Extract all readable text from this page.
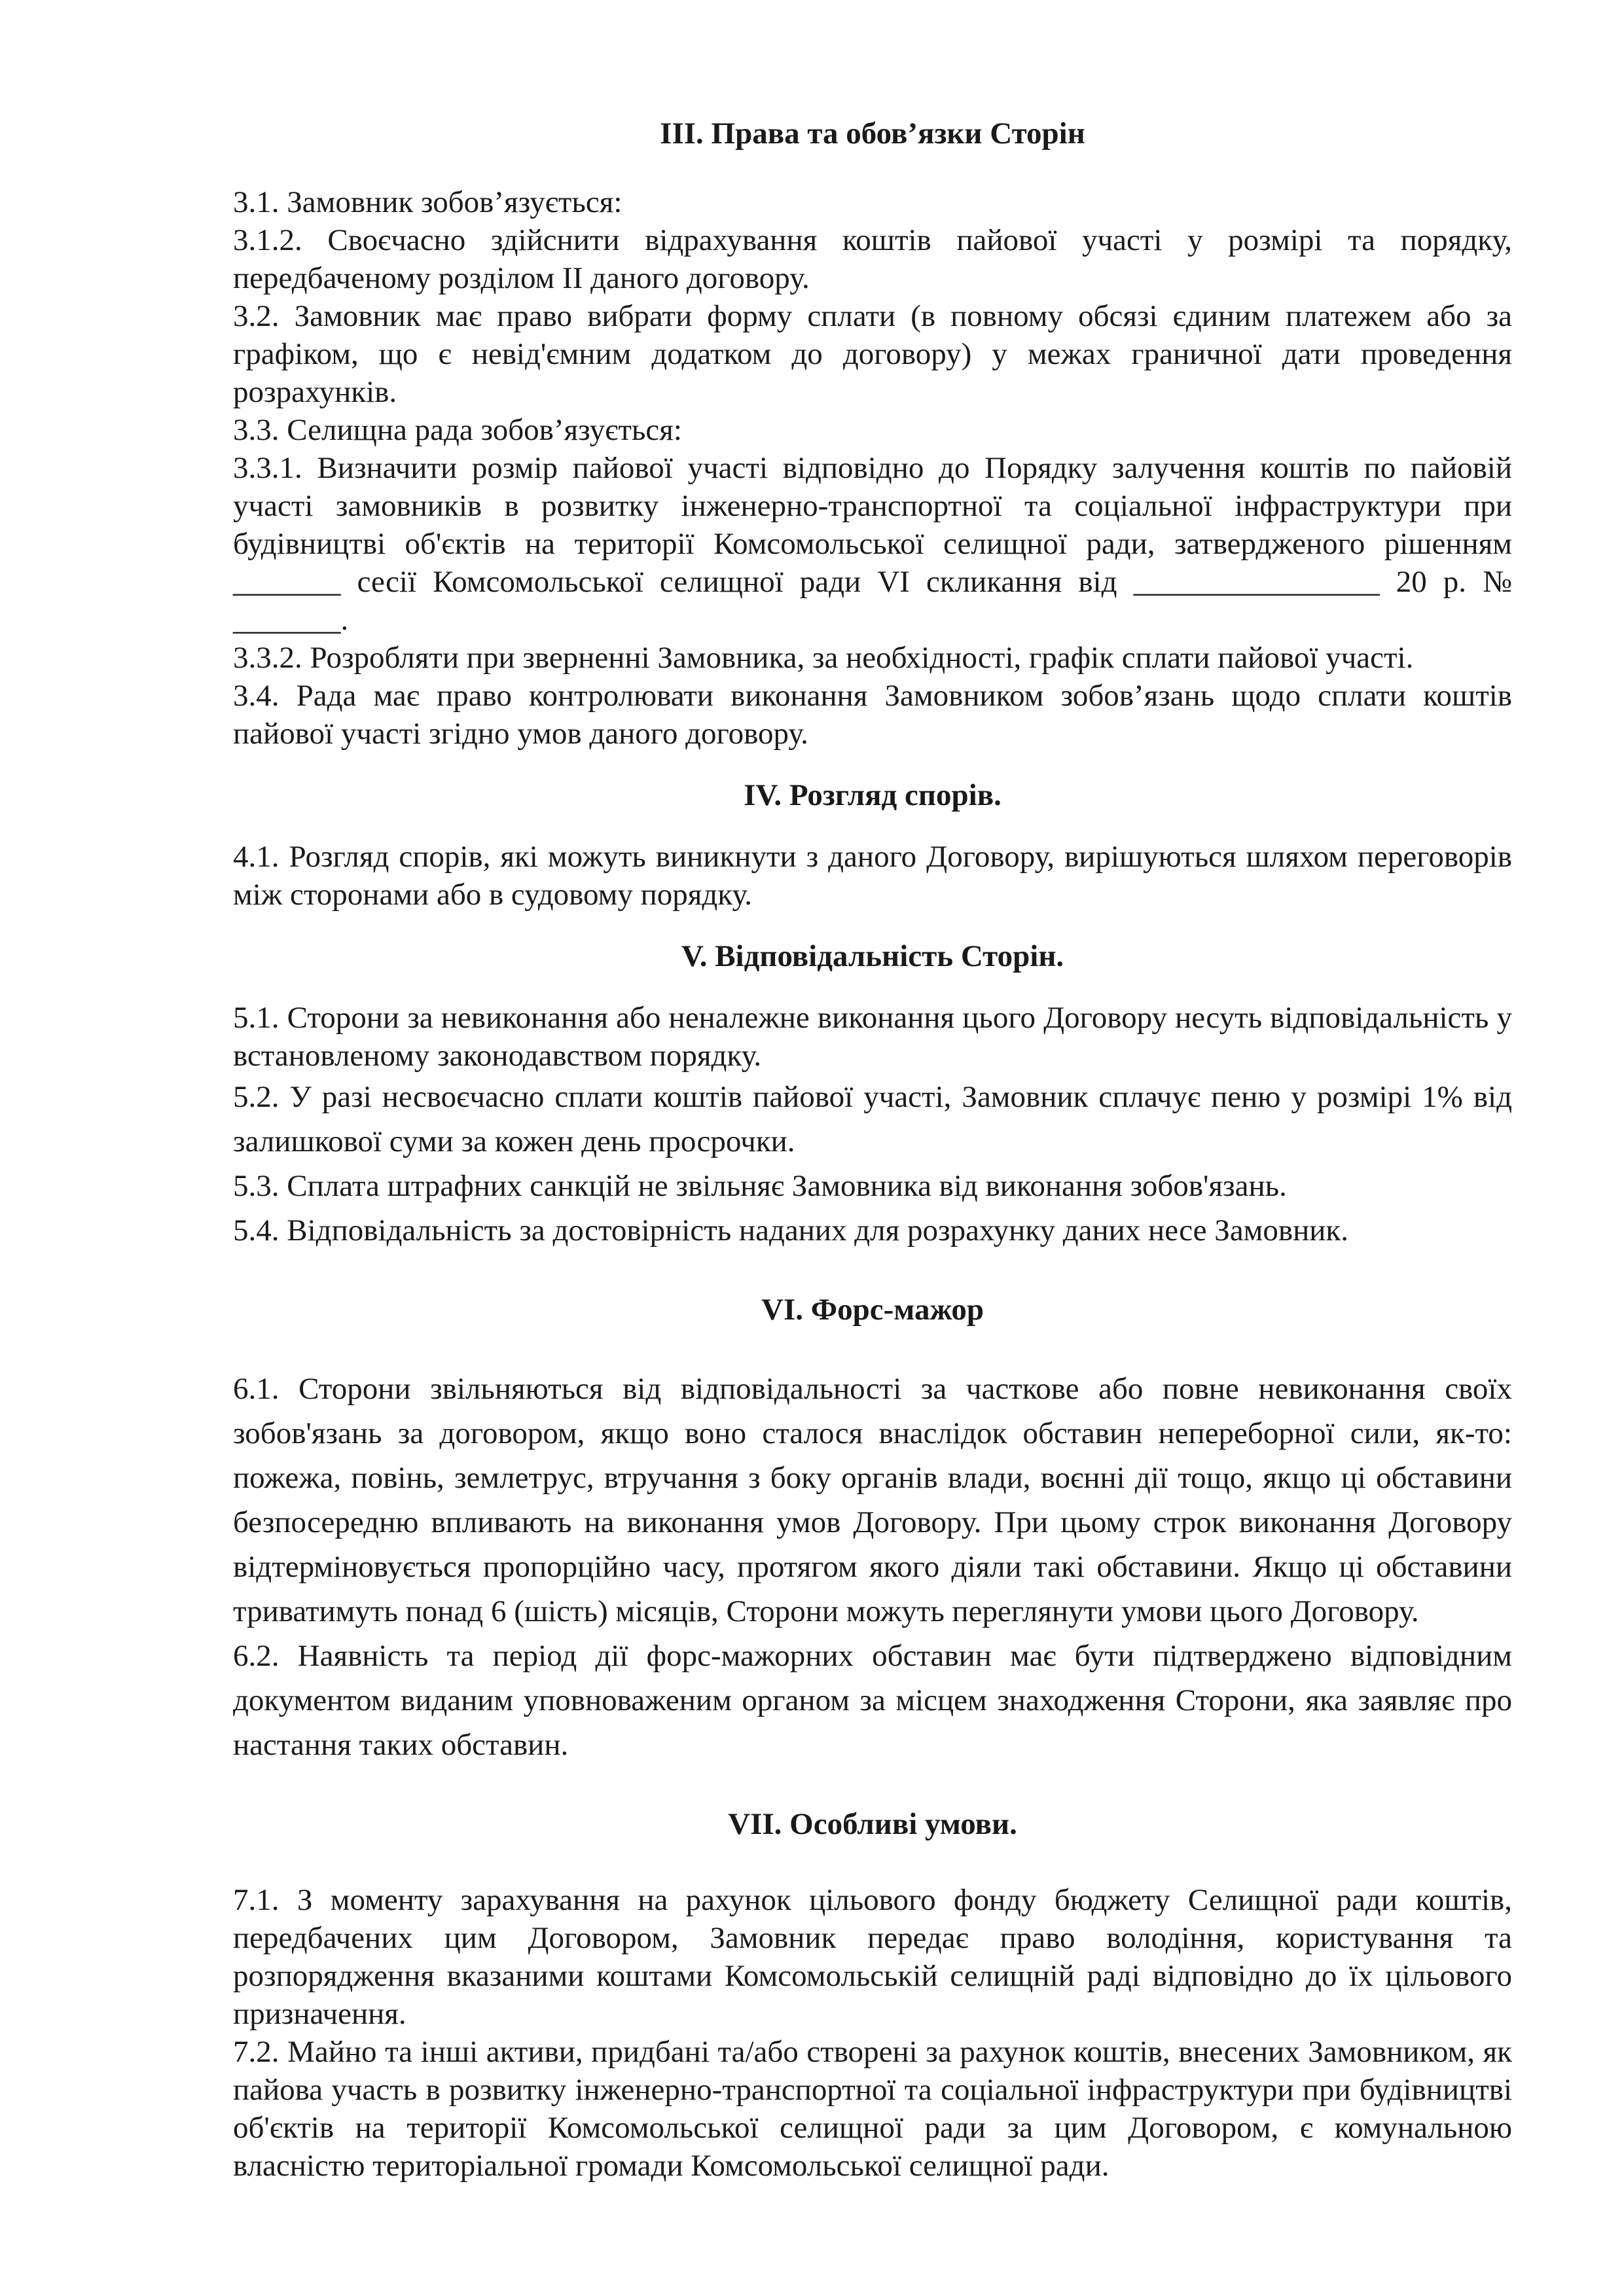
ІІІ. Права та обов’язки Сторін

3.1. Замовник зобов’язується:

3.1.2. Своєчасно здійснити відрахування коштів пайової участі у розмірі та порядку, передбаченому розділом ІІ даного договору.

3.2. Замовник має право вибрати форму сплати (в повному обсязі єдиним платежем або за графіком, що є невід'ємним додатком до договору) у межах граничної дати проведення розрахунків.

3.3. Селищна рада зобов’язується:

3.3.1. Визначити розмір пайової участі відповідно до Порядку залучення коштів по пайовій участі замовників в розвитку інженерно-транспортної та соціальної інфраструктури при будівництві об'єктів на території Комсомольської селищної ради, затвердженого рішенням _______ сесії Комсомольської селищної ради VI скликання від ________________ 20 р. № _______.

3.3.2. Розробляти при зверненні Замовника, за необхідності, графік сплати пайової участі.

3.4. Рада має право контролювати виконання Замовником зобов’язань щодо сплати коштів пайової участі згідно умов даного договору.

IV. Розгляд спорів.

4.1. Розгляд спорів, які можуть виникнути з даного Договору, вирішуються шляхом переговорів між сторонами або в судовому порядку.

V. Відповідальність Сторін.

5.1. Сторони за невиконання або неналежне виконання цього Договору несуть відповідальність у встановленому законодавством порядку.

5.2. У разі несвоєчасно сплати коштів пайової участі, Замовник сплачує пеню у розмірі 1% від залишкової суми за кожен день просрочки.

5.3. Сплата штрафних санкцій не звільняє Замовника від виконання зобов'язань.

5.4. Відповідальність за достовірність наданих для розрахунку даних несе Замовник.

VI. Форс-мажор

6.1. Сторони звільняються від відповідальності за часткове або повне невиконання своїх зобов'язань за договором, якщо воно сталося внаслідок обставин непереборної сили, як-то: пожежа, повінь, землетрус, втручання з боку органів влади, воєнні дії тощо, якщо ці обставини безпосередню впливають на виконання умов Договору. При цьому строк виконання Договору відтерміновується пропорційно часу, протягом якого діяли такі обставини. Якщо ці обставини триватимуть понад 6 (шість) місяців, Сторони можуть переглянути умови цього Договору.

6.2. Наявність та період дії форс-мажорних обставин має бути підтверджено відповідним документом виданим уповноваженим органом за місцем знаходження Сторони, яка заявляє про настання таких обставин.

VII. Особливі умови.

7.1. З моменту зарахування на рахунок цільового фонду бюджету Селищної ради коштів, передбачених цим Договором, Замовник передає право володіння, користування та розпорядження вказаними коштами Комсомольській селищній раді відповідно до їх цільового призначення.

7.2. Майно та інші активи, придбані та/або створені за рахунок коштів, внесених Замовником, як пайова участь в розвитку інженерно-транспортної та соціальної інфраструктури при будівництві об'єктів на території Комсомольської селищної ради за цим Договором, є комунальною власністю територіальної громади Комсомольської селищної ради.
